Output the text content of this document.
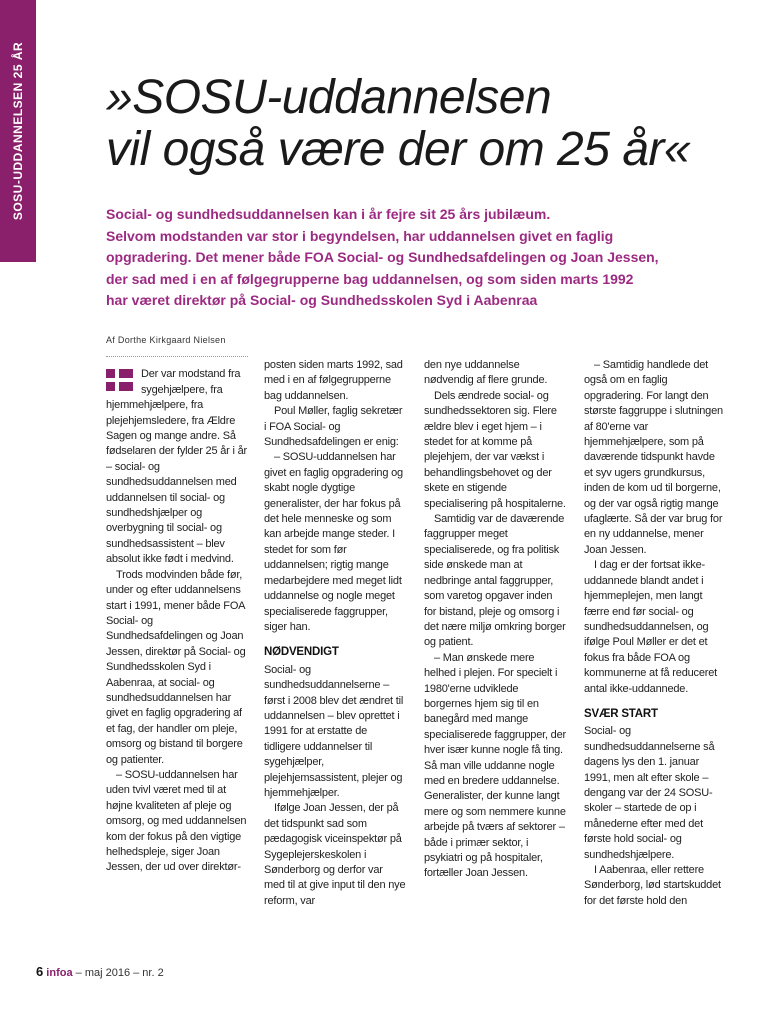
SOSU-UDDANNELSEN 25 ÅR »SOSU-uddannelsen
vil også være der om 25 år«

Social- og sundhedsuddannelsen kan i år fejre sit 25 års jubilæum.
Selvom modstanden var stor i begyndelsen, har uddannelsen givet en faglig
opgradering. Det mener både FOA Social- og Sundhedsafdelingen og Joan Jessen,
der sad med i en af følgegrupperne bag uddannelsen, og som siden marts 1992
har været direktør på Social- og Sundhedsskolen Syd i Aabenraa

Af Dorthe Kirkgaard Nielsen

Der var modstand fra sygehjælpere, fra hjemmehjælpere, fra plejehjemsledere, fra Ældre Sagen og mange andre. Så fødselaren der fylder 25 år i år – social- og sundhedsuddannelsen med uddannelsen til social- og sundhedshjælper og overbygning til social- og sundhedsassistent – blev absolut ikke født i medvind.

Trods modvinden både før, under og efter uddannelsens start i 1991, mener både FOA Social- og Sundhedsafdelingen og Joan Jessen, direktør på Social- og Sundhedsskolen Syd i Aabenraa, at social- og sundhedsuddannelsen har givet en faglig opgradering af et fag, der handler om pleje, omsorg og bistand til borgere og patienter.

– SOSU-uddannelsen har uden tvivl været med til at højne kvaliteten af pleje og omsorg, og med uddannelsen kom der fokus på den vigtige helhedspleje, siger Joan Jessen, der ud over direktør-

posten siden marts 1992, sad med i en af følgegrupperne bag uddannelsen.

Poul Møller, faglig sekretær i FOA Social- og Sundhedsafdelingen er enig:

– SOSU-uddannelsen har givet en faglig opgradering og skabt nogle dygtige generalister, der har fokus på det hele menneske og som kan arbejde mange steder. I stedet for som før uddannelsen; rigtig mange medarbejdere med meget lidt uddannelse og nogle meget specialiserede faggrupper, siger han.

NØDVENDIGT

Social- og sundhedsuddannelserne – først i 2008 blev det ændret til uddannelsen – blev oprettet i 1991 for at erstatte de tidligere uddannelser til sygehjælper, plejehjemsassistent, plejer og hjemmehjælper.

Ifølge Joan Jessen, der på det tidspunkt sad som pædagogisk viceinspektør på Sygeplejerskeskolen i Sønderborg og derfor var med til at give input til den nye reform, var

den nye uddannelse nødvendig af flere grunde.

Dels ændrede social- og sundhedssektoren sig. Flere ældre blev i eget hjem – i stedet for at komme på plejehjem, der var vækst i behandlingsbehovet og der skete en stigende specialisering på hospitalerne.

Samtidig var de daværende faggrupper meget specialiserede, og fra politisk side ønskede man at nedbringe antal faggrupper, som varetog opgaver inden for bistand, pleje og omsorg i det nære miljø omkring borger og patient.

– Man ønskede mere helhed i plejen. For specielt i 1980'erne udviklede borgernes hjem sig til en banegård med mange specialiserede faggrupper, der hver især kunne nogle få ting. Så man ville uddanne nogle med en bredere uddannelse. Generalister, der kunne langt mere og som nemmere kunne arbejde på tværs af sektorer – både i primær sektor, i psykiatri og på hospitaler, fortæller Joan Jessen.

– Samtidig handlede det også om en faglig opgradering. For langt den største faggruppe i slutningen af 80'erne var hjemmehjælpere, som på daværende tidspunkt havde et syv ugers grundkursus, inden de kom ud til borgerne, og der var også rigtig mange ufaglærte. Så der var brug for en ny uddannelse, mener Joan Jessen.

I dag er der fortsat ikke-uddannede blandt andet i hjemmeplejen, men langt færre end før social- og sundhedsuddannelsen, og ifølge Poul Møller er det et fokus fra både FOA og kommunerne at få reduceret antal ikke-uddannede.

SVÆR START

Social- og sundhedsuddannelserne så dagens lys den 1. januar 1991, men alt efter skole – dengang var der 24 SOSU-skoler – startede de op i månederne efter med det første hold social- og sundhedshjælpere.

I Aabenraa, eller rettere Sønderborg, lød startskuddet for det første hold den

6 infoa – maj 2016 – nr. 2
